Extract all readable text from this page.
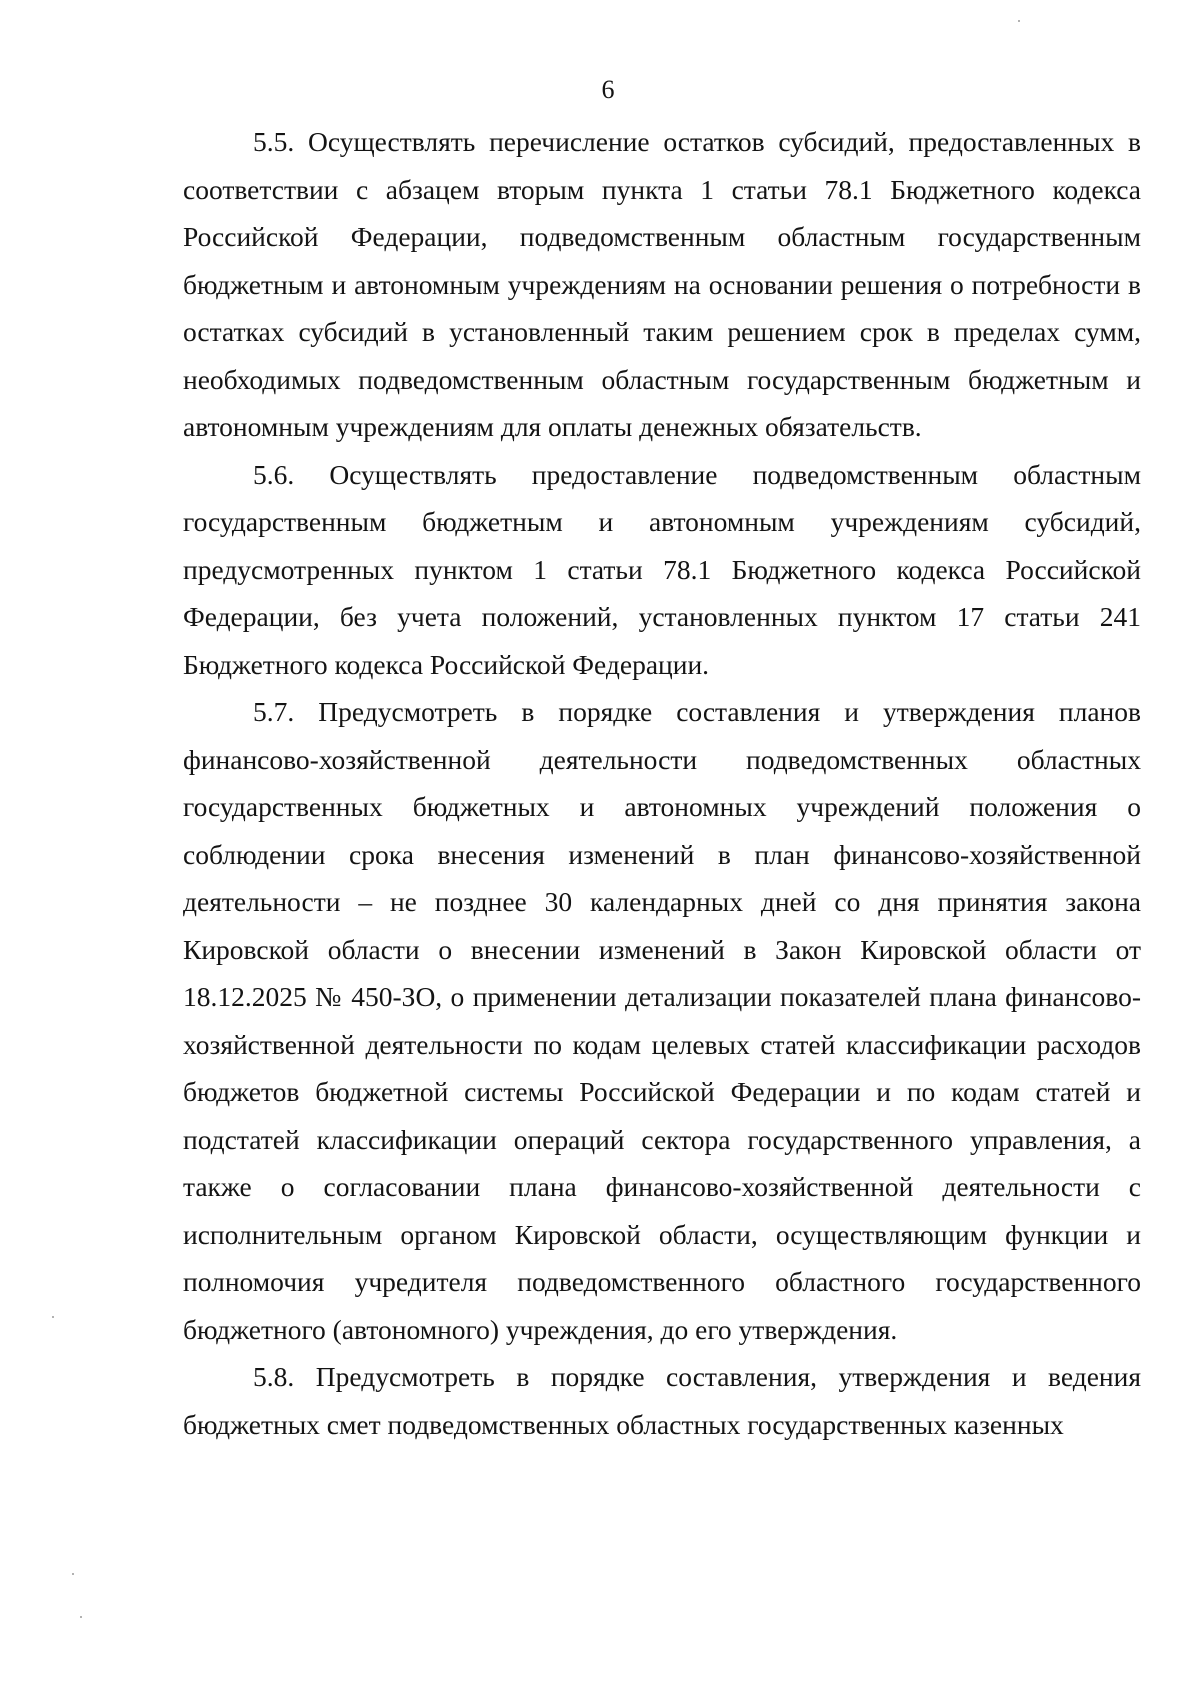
6

5.5. Осуществлять перечисление остатков субсидий, предоставленных в соответствии с абзацем вторым пункта 1 статьи 78.1 Бюджетного кодекса Российской Федерации, подведомственным областным государственным бюджетным и автономным учреждениям на основании решения о потребности в остатках субсидий в установленный таким решением срок в пределах сумм, необходимых подведомственным областным государственным бюджетным и автономным учреждениям для оплаты денежных обязательств.

5.6. Осуществлять предоставление подведомственным областным государственным бюджетным и автономным учреждениям субсидий, предусмотренных пунктом 1 статьи 78.1 Бюджетного кодекса Российской Федерации, без учета положений, установленных пунктом 17 статьи 241 Бюджетного кодекса Российской Федерации.

5.7. Предусмотреть в порядке составления и утверждения планов финансово-хозяйственной деятельности подведомственных областных государственных бюджетных и автономных учреждений положения о соблюдении срока внесения изменений в план финансово-хозяйственной деятельности – не позднее 30 календарных дней со дня принятия закона Кировской области о внесении изменений в Закон Кировской области от 18.12.2025 № 450-ЗО, о применении детализации показателей плана финансово-хозяйственной деятельности по кодам целевых статей классификации расходов бюджетов бюджетной системы Российской Федерации и по кодам статей и подстатей классификации операций сектора государственного управления, а также о согласовании плана финансово-хозяйственной деятельности с исполнительным органом Кировской области, осуществляющим функции и полномочия учредителя подведомственного областного государственного бюджетного (автономного) учреждения, до его утверждения.

5.8. Предусмотреть в порядке составления, утверждения и ведения бюджетных смет подведомственных областных государственных казенных
